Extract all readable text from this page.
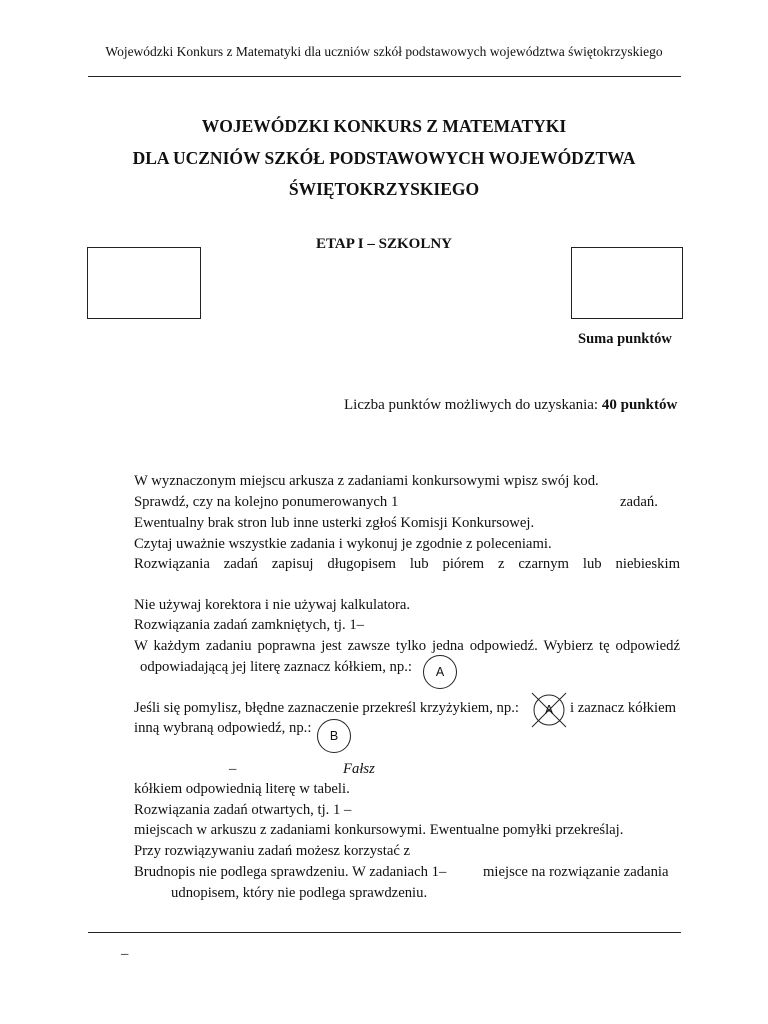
Wojewódzki Konkurs z Matematyki dla uczniów szkół podstawowych województwa świętokrzyskiego
WOJEWÓDZKI KONKURS Z MATEMATYKI
DLA UCZNIÓW SZKÓŁ PODSTAWOWYCH WOJEWÓDZTWA
ŚWIĘTOKRZYSKIEGO
ETAP I – SZKOLNY
Suma punktów
Liczba punktów możliwych do uzyskania: 40 punktów
W wyznaczonym miejscu arkusza z zadaniami konkursowymi wpisz swój kod.
Sprawdź, czy na kolejno ponumerowanych 1	zadań.
Ewentualny brak stron lub inne usterki zgłoś Komisji Konkursowej.
Czytaj uważnie wszystkie zadania i wykonuj je zgodnie z poleceniami.
Rozwiązania zadań zapisuj długopisem lub piórem z czarnym lub niebieskim
Nie używaj korektora i nie używaj kalkulatora.
Rozwiązania zadań zamkniętych, tj. 1–
W każdym zadaniu poprawna jest zawsze tylko jedna odpowiedź. Wybierz tę odpowiedź
odpowiadającą jej literę zaznacz kółkiem, np.:	A
Jeśli się pomylisz, błędne zaznaczenie przekreśl krzyżykiem, np.:	A	i zaznacz kółkiem
inną wybraną odpowiedź, np.:	B
–	Fałsz
kółkiem odpowiednią literę w tabeli.
Rozwiązania zadań otwartych, tj. 1 –
miejscach w arkuszu z zadaniami konkursowymi. Ewentualne pomyłki przekreślaj.
Przy rozwiązywaniu zadań możesz korzystać z
Brudnopis nie podlega sprawdzeniu. W zadaniach 1– miejsce na rozwiązanie zadania
udnopisem, który nie podlega sprawdzeniu.
–
